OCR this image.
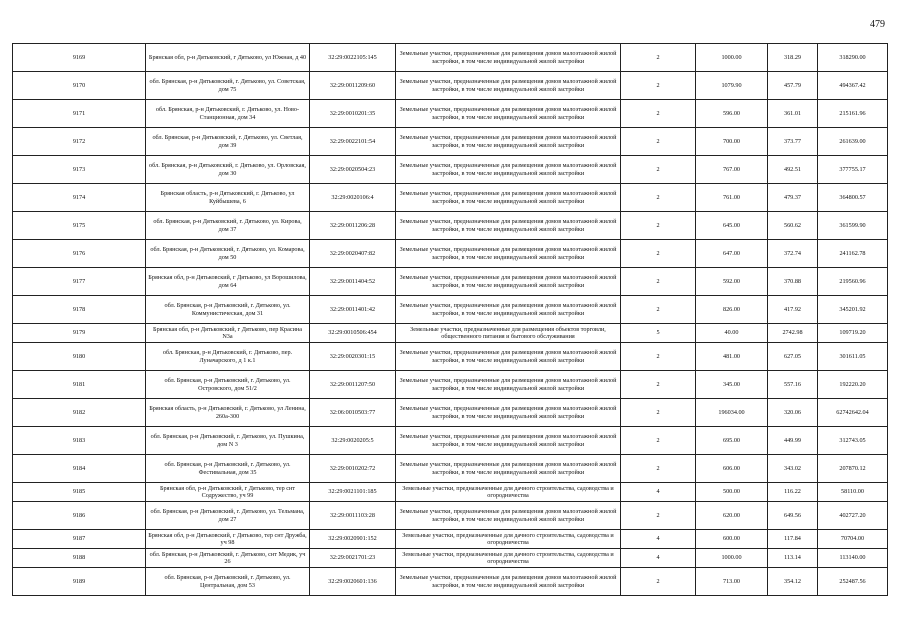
479
9169	Брянская обл, р-н Дятьковский, г Дятьково, ул Южная, д 40	32:29:0022105:145	Земельные участки, предназначенные для размещения домов малоэтажной жилой застройки, в том числе индивидуальной жилой застройки	2	1000.00	318.29	318290.00
9170	обл. Брянская, р-н Дятьковский, г. Дятьково, ул. Советская, дом 75	32:29:0011209:60	Земельные участки, предназначенные для размещения домов малоэтажной жилой застройки, в том числе индивидуальной жилой застройки	2	1079.90	457.79	494367.42
9171	обл. Брянская, р-н Дятьковский, г. Дятьково, ул. Ново-Станционная, дом 34	32:29:0010201:35	Земельные участки, предназначенные для размещения домов малоэтажной жилой застройки, в том числе индивидуальной жилой застройки	2	596.00	361.01	215161.96
9172	обл. Брянская, р-н Дятьковский, г. Дятьково, ул. Светлая, дом 39	32:29:0022101:54	Земельные участки, предназначенные для размещения домов малоэтажной жилой застройки, в том числе индивидуальной жилой застройки	2	700.00	373.77	261639.00
9173	обл. Брянская, р-н Дятьковский, г. Дятьково, ул. Орловская, дом 30	32:29:0020504:23	Земельные участки, предназначенные для размещения домов малоэтажной жилой застройки, в том числе индивидуальной жилой застройки	2	767.00	492.51	377755.17
9174	Брянская область, р-н Дятьковский, г. Дятьково, ул Куйбышева, 6	32:29:0020106:4	Земельные участки, предназначенные для размещения домов малоэтажной жилой застройки, в том числе индивидуальной жилой застройки	2	761.00	479.37	364800.57
9175	обл. Брянская, р-н Дятьковский, г. Дятьково, ул. Кирова, дом 37	32:29:0011206:28	Земельные участки, предназначенные для размещения домов малоэтажной жилой застройки, в том числе индивидуальной жилой застройки	2	645.00	560.62	361599.90
9176	обл. Брянская, р-н Дятьковский, г. Дятьково, ул. Комарова, дом 50	32:29:0020407:82	Земельные участки, предназначенные для размещения домов малоэтажной жилой застройки, в том числе индивидуальной жилой застройки	2	647.00	372.74	241162.78
9177	Брянская обл, р-н Дятьковский, г Дятьково, ул Ворошилова, дом 64	32:29:0011404:52	Земельные участки, предназначенные для размещения домов малоэтажной жилой застройки, в том числе индивидуальной жилой застройки	2	592.00	370.88	219560.96
9178	обл. Брянская, р-н Дятьковский, г. Дятьково, ул. Коммунистическая, дом 31	32:29:0011401:42	Земельные участки, предназначенные для размещения домов малоэтажной жилой застройки, в том числе индивидуальной жилой застройки	2	826.00	417.92	345201.92
9179	Брянская обл, р-н Дятьковский, г Дятьково, пер Красина N3а	32:29:0010506:454	Земельные участки, предназначенные для размещения объектов торговли, общественного питания и бытового обслуживания	5	40.00	2742.98	109719.20
9180	обл. Брянская, р-н Дятьковский, г. Дятьково, пер. Луначарского, д 1 к.1	32:29:0020301:15	Земельные участки, предназначенные для размещения домов малоэтажной жилой застройки, в том числе индивидуальной жилой застройки	2	481.00	627.05	301611.05
9181	обл. Брянская, р-н Дятьковский, г. Дятьково, ул. Островского, дом 51/2	32:29:0011207:50	Земельные участки, предназначенные для размещения домов малоэтажной жилой застройки, в том числе индивидуальной жилой застройки	2	345.00	557.16	192220.20
9182	Брянская область, р-н Дятьковский, г. Дятьково, ул Ленина, 260а-300	32:06:0010503:77	Земельные участки, предназначенные для размещения домов малоэтажной жилой застройки, в том числе индивидуальной жилой застройки	2	196034.00	320.06	62742642.04
9183	обл. Брянская, р-н Дятьковский, г. Дятьково, ул. Пушкина, дом N 3	32:29:0020205:5	Земельные участки, предназначенные для размещения домов малоэтажной жилой застройки, в том числе индивидуальной жилой застройки	2	695.00	449.99	312743.05
9184	обл. Брянская, р-н Дятьковский, г. Дятьково, ул. Фестивальная, дом 35	32:29:0010202:72	Земельные участки, предназначенные для размещения домов малоэтажной жилой застройки, в том числе индивидуальной жилой застройки	2	606.00	343.02	207870.12
9185	Брянская обл, р-н Дятьковский, г Дятьково, тер снт Содружество, уч 99	32:29:0021101:185	Земельные участки, предназначенные для дачного строительства, садоводства и огородничества	4	500.00	116.22	58110.00
9186	обл. Брянская, р-н Дятьковский, г. Дятьково, ул. Тельмана, дом 27	32:29:0011103:28	Земельные участки, предназначенные для размещения домов малоэтажной жилой застройки, в том числе индивидуальной жилой застройки	2	620.00	649.56	402727.20
9187	Брянская обл, р-н Дятьковский, г Дятьково, тер снт Дружба, уч 98	32:29:0020901:152	Земельные участки, предназначенные для дачного строительства, садоводства и огородничества	4	600.00	117.84	70704.00
9188	обл. Брянская, р-н Дятьковский, г. Дятьково, снт Медик, уч 26	32:29:0021701:23	Земельные участки, предназначенные для дачного строительства, садоводства и огородничества	4	1000.00	113.14	113140.00
9189	обл. Брянская, р-н Дятьковский, г. Дятьково, ул. Центральная, дом 53	32:29:0020601:136	Земельные участки, предназначенные для размещения домов малоэтажной жилой застройки, в том числе индивидуальной жилой застройки	2	713.00	354.12	252487.56
